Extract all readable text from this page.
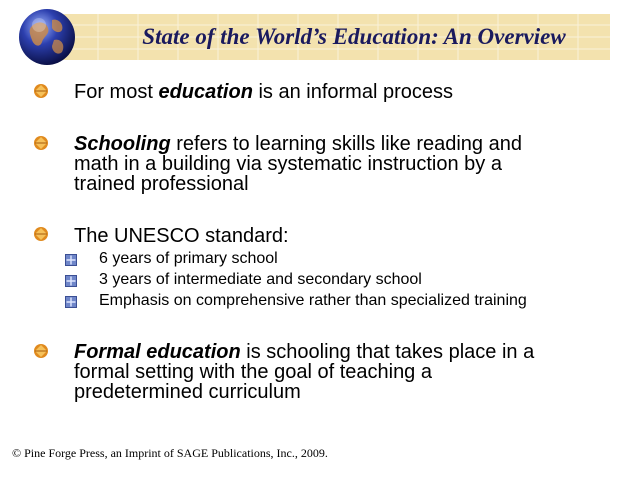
State of the World’s Education: An Overview
For most education is an informal process
Schooling refers to learning skills like reading and
math in a building via systematic instruction by a
trained professional
The UNESCO standard:
6 years of primary school
3 years of intermediate and secondary school
Emphasis on comprehensive rather than specialized training
Formal education is schooling that takes place in a
formal setting with the goal of teaching a
predetermined curriculum
© Pine Forge Press, an Imprint of SAGE Publications, Inc., 2009.
